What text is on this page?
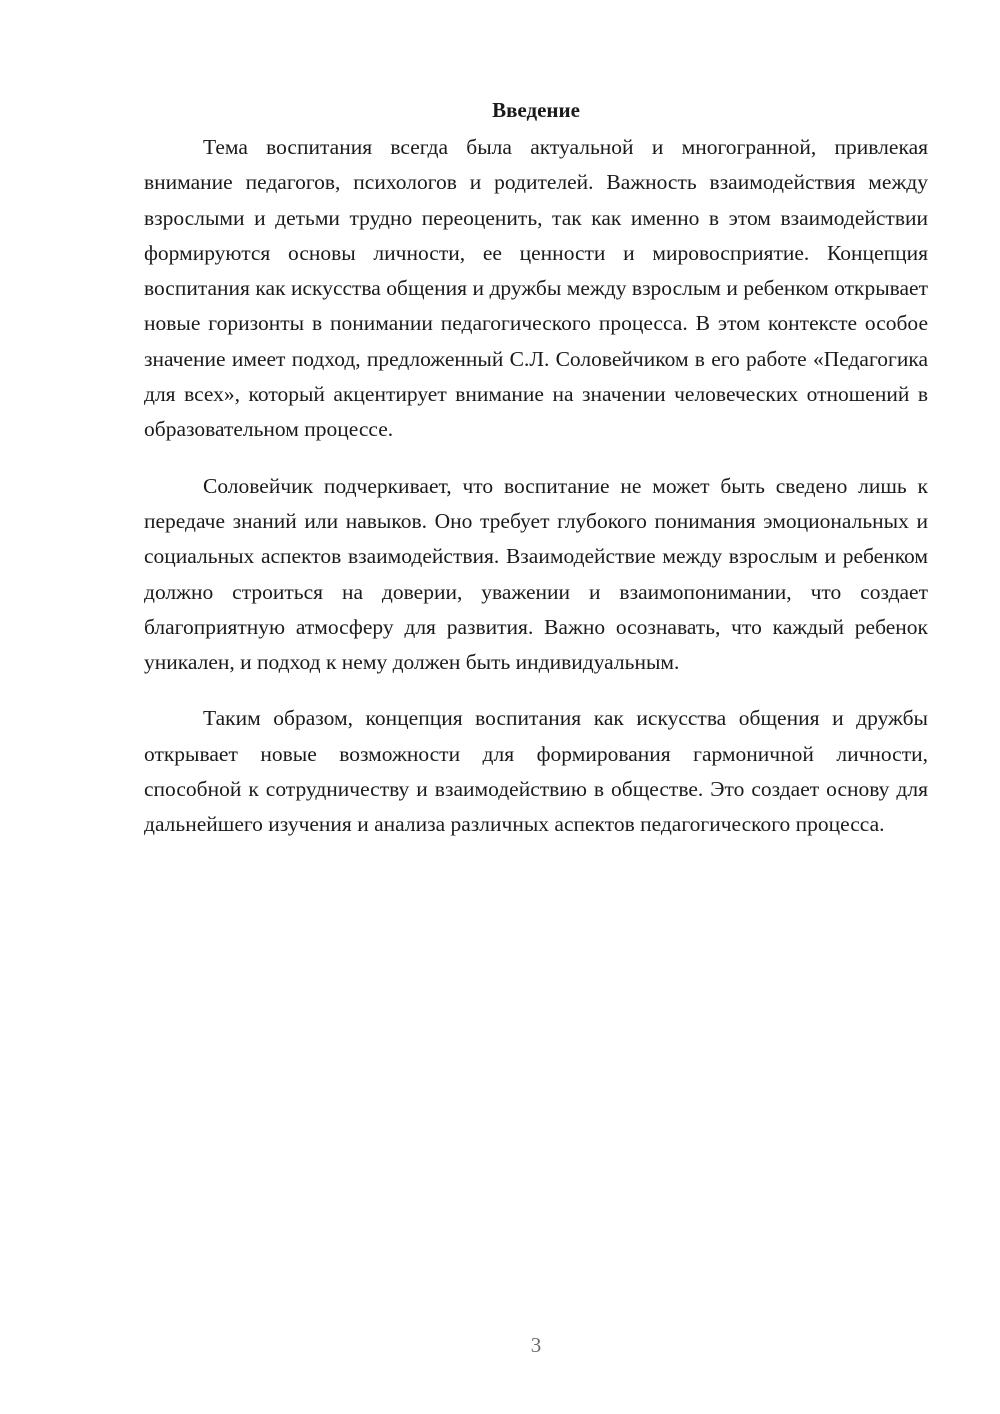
Введение

Тема воспитания всегда была актуальной и многогранной, привлекая внимание педагогов, психологов и родителей. Важность взаимодействия между взрослыми и детьми трудно переоценить, так как именно в этом взаимодействии формируются основы личности, ее ценности и мировосприятие. Концепция воспитания как искусства общения и дружбы между взрослым и ребенком открывает новые горизонты в понимании педагогического процесса. В этом контексте особое значение имеет подход, предложенный С.Л. Соловейчиком в его работе «Педагогика для всех», который акцентирует внимание на значении человеческих отношений в образовательном процессе.

Соловейчик подчеркивает, что воспитание не может быть сведено лишь к передаче знаний или навыков. Оно требует глубокого понимания эмоциональных и социальных аспектов взаимодействия. Взаимодействие между взрослым и ребенком должно строиться на доверии, уважении и взаимопонимании, что создает благоприятную атмосферу для развития. Важно осознавать, что каждый ребенок уникален, и подход к нему должен быть индивидуальным.

Таким образом, концепция воспитания как искусства общения и дружбы открывает новые возможности для формирования гармоничной личности, способной к сотрудничеству и взаимодействию в обществе. Это создает основу для дальнейшего изучения и анализа различных аспектов педагогического процесса.

3
